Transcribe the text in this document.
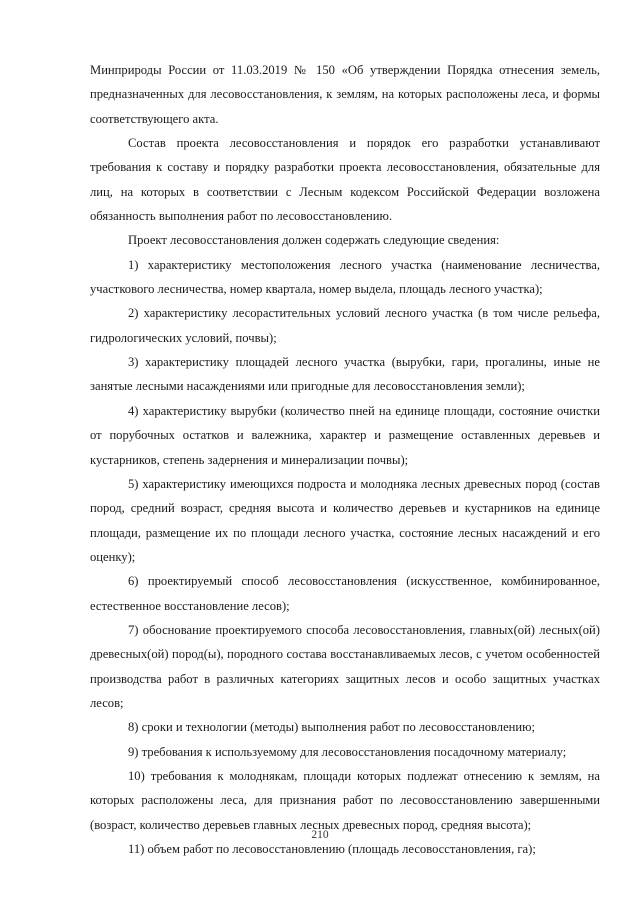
Минприроды России от 11.03.2019 № 150 «Об утверждении Порядка отнесения земель, предназначенных для лесовосстановления, к землям, на которых расположены леса, и формы соответствующего акта.

Состав проекта лесовосстановления и порядок его разработки устанавливают требования к составу и порядку разработки проекта лесовосстановления, обязательные для лиц, на которых в соответствии с Лесным кодексом Российской Федерации возложена обязанность выполнения работ по лесовосстановлению.

Проект лесовосстановления должен содержать следующие сведения:

1) характеристику местоположения лесного участка (наименование лесничества, участкового лесничества, номер квартала, номер выдела, площадь лесного участка);

2) характеристику лесорастительных условий лесного участка (в том числе рельефа, гидрологических условий, почвы);

3) характеристику площадей лесного участка (вырубки, гари, прогалины, иные не занятые лесными насаждениями или пригодные для лесовосстановления земли);

4) характеристику вырубки (количество пней на единице площади, состояние очистки от порубочных остатков и валежника, характер и размещение оставленных деревьев и кустарников, степень задернения и минерализации почвы);

5) характеристику имеющихся подроста и молодняка лесных древесных пород (состав пород, средний возраст, средняя высота и количество деревьев и кустарников на единице площади, размещение их по площади лесного участка, состояние лесных насаждений и его оценку);

6) проектируемый способ лесовосстановления (искусственное, комбинированное, естественное восстановление лесов);

7) обоснование проектируемого способа лесовосстановления, главных(ой) лесных(ой) древесных(ой) пород(ы), породного состава восстанавливаемых лесов, с учетом особенностей производства работ в различных категориях защитных лесов и особо защитных участках лесов;

8) сроки и технологии (методы) выполнения работ по лесовосстановлению;

9) требования к используемому для лесовосстановления посадочному материалу;

10) требования к молоднякам, площади которых подлежат отнесению к землям, на которых расположены леса, для признания работ по лесовосстановлению завершенными (возраст, количество деревьев главных лесных древесных пород, средняя высота);

11) объем работ по лесовосстановлению (площадь лесовосстановления, га);

210
